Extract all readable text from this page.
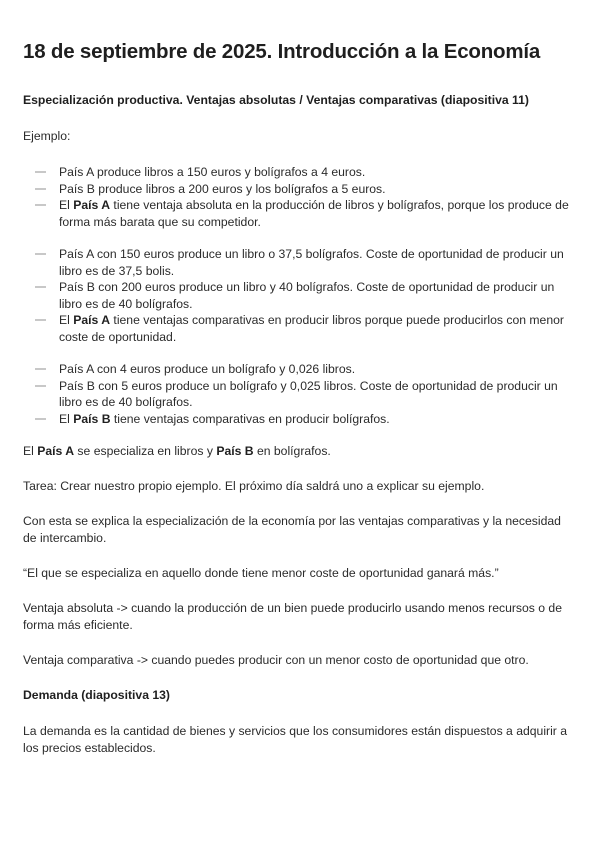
18 de septiembre de 2025. Introducción a la Economía

Especialización productiva. Ventajas absolutas / Ventajas comparativas (diapositiva 11)

Ejemplo:

País A produce libros a 150 euros y bolígrafos a 4 euros.
País B produce libros a 200 euros y los bolígrafos a 5 euros.
El País A tiene ventaja absoluta en la producción de libros y bolígrafos, porque los produce de forma más barata que su competidor.
País A con 150 euros produce un libro o 37,5 bolígrafos. Coste de oportunidad de producir un libro es de 37,5 bolis.
País B con 200 euros produce un libro y 40 bolígrafos. Coste de oportunidad de producir un libro es de 40 bolígrafos.
El País A tiene ventajas comparativas en producir libros porque puede producirlos con menor coste de oportunidad.
País A con 4 euros produce un bolígrafo y 0,026 libros.
País B con 5 euros produce un bolígrafo y 0,025 libros. Coste de oportunidad de producir un libro es de 40 bolígrafos.
El País B tiene ventajas comparativas en producir bolígrafos.

El País A se especializa en libros y País B en bolígrafos.

Tarea: Crear nuestro propio ejemplo. El próximo día saldrá uno a explicar su ejemplo.

Con esta se explica la especialización de la economía por las ventajas comparativas y la necesidad de intercambio.

“El que se especializa en aquello donde tiene menor coste de oportunidad ganará más.”

Ventaja absoluta -> cuando la producción de un bien puede producirlo usando menos recursos o de forma más eficiente.

Ventaja comparativa -> cuando puedes producir con un menor costo de oportunidad que otro.

Demanda (diapositiva 13)

La demanda es la cantidad de bienes y servicios que los consumidores están dispuestos a adquirir a los precios establecidos.
